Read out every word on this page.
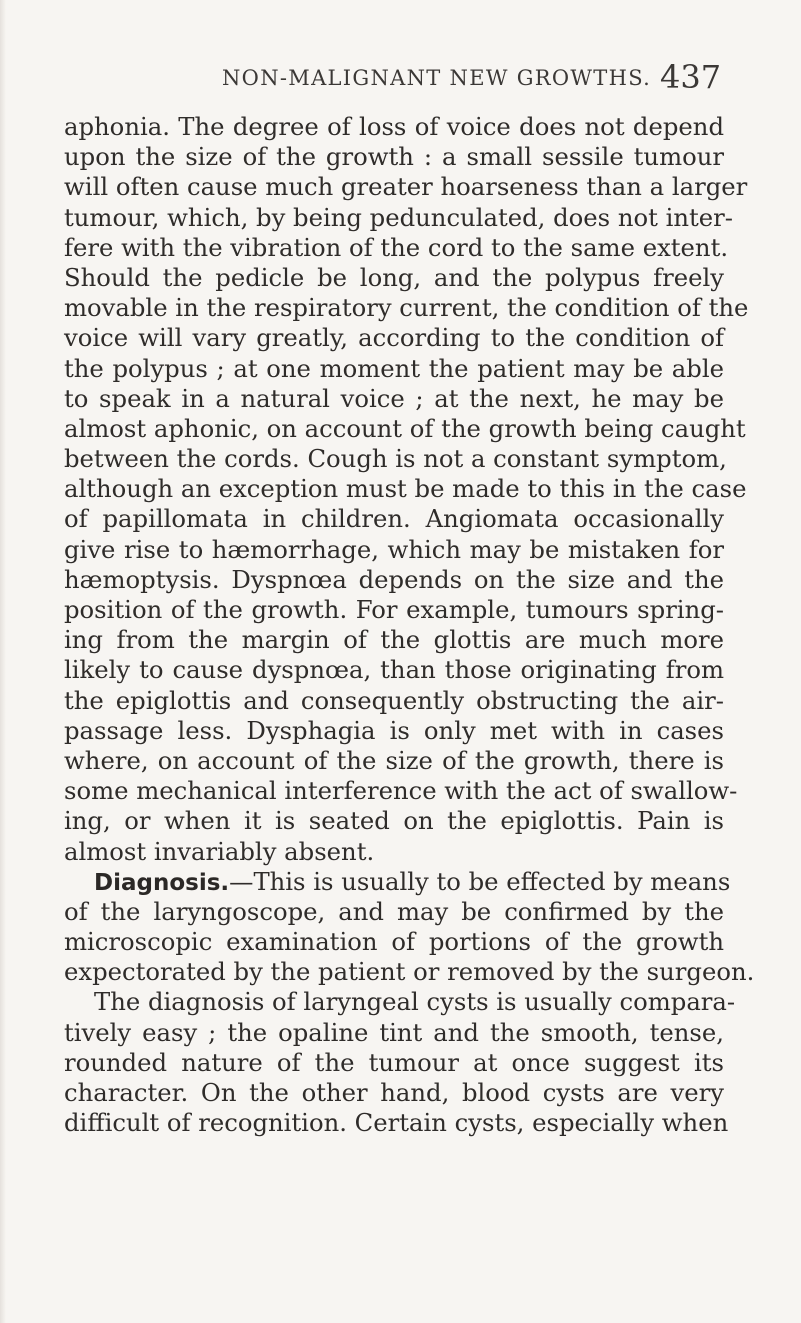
NON-MALIGNANT NEW GROWTHS. 437
aphonia. The degree of loss of voice does not depend
upon the size of the growth : a small sessile tumour
will often cause much greater hoarseness than a larger
tumour, which, by being pedunculated, does not inter-
fere with the vibration of the cord to the same extent.
Should the pedicle be long, and the polypus freely
movable in the respiratory current, the condition of the
voice will vary greatly, according to the condition of
the polypus ; at one moment the patient may be able
to speak in a natural voice ; at the next, he may be
almost aphonic, on account of the growth being caught
between the cords. Cough is not a constant symptom,
although an exception must be made to this in the case
of papillomata in children. Angiomata occasionally
give rise to hæmorrhage, which may be mistaken for
hæmoptysis. Dyspnœa depends on the size and the
position of the growth. For example, tumours spring-
ing from the margin of the glottis are much more
likely to cause dyspnœa, than those originating from
the epiglottis and consequently obstructing the air-
passage less. Dysphagia is only met with in cases
where, on account of the size of the growth, there is
some mechanical interference with the act of swallow-
ing, or when it is seated on the epiglottis. Pain is
almost invariably absent.
Diagnosis.—This is usually to be effected by means
of the laryngoscope, and may be confirmed by the
microscopic examination of portions of the growth
expectorated by the patient or removed by the surgeon.
The diagnosis of laryngeal cysts is usually compara-
tively easy ; the opaline tint and the smooth, tense,
rounded nature of the tumour at once suggest its
character. On the other hand, blood cysts are very
difficult of recognition. Certain cysts, especially when
